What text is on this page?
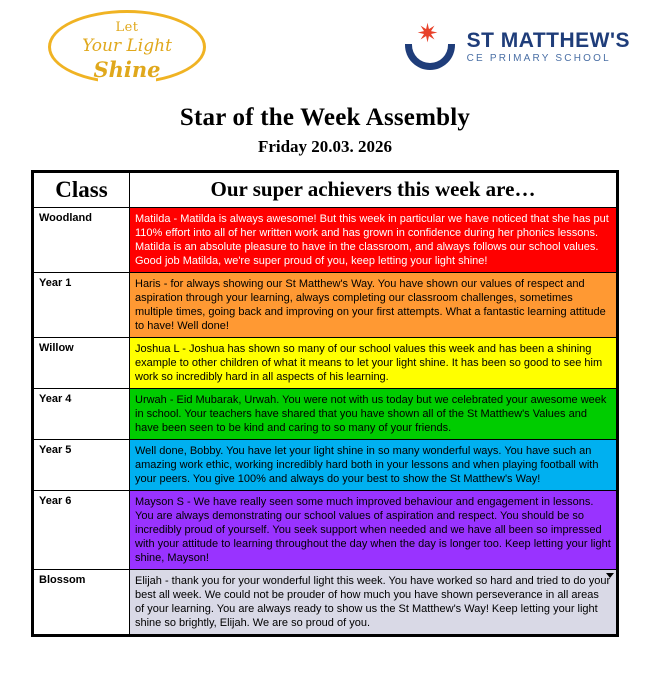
Let
Your Light
Shine
✷ ST MATTHEW'S
CE PRIMARY SCHOOL
Star of the Week Assembly
Friday 20.03. 2026
Class	Our super achievers this week are…
Woodland	Matilda - Matilda is always awesome! But this week in particular we have noticed that she has put 110% effort into all of her written work and has grown in confidence during her phonics lessons. Matilda is an absolute pleasure to have in the classroom, and always follows our school values. Good job Matilda, we're super proud of you, keep letting your light shine!
Year 1	Haris - for always showing our St Matthew's Way. You have shown our values of respect and aspiration through your learning, always completing our classroom challenges, sometimes multiple times, going back and improving on your first attempts. What a fantastic learning attitude to have! Well done!
Willow	Joshua L - Joshua has shown so many of our school values this week and has been a shining example to other children of what it means to let your light shine. It has been so good to see him work so incredibly hard in all aspects of his learning.
Year 4	Urwah - Eid Mubarak, Urwah. You were not with us today but we celebrated your awesome week in school. Your teachers have shared that you have shown all of the St Matthew's Values and have been seen to be kind and caring to so many of your friends.
Year 5	Well done, Bobby. You have let your light shine in so many wonderful ways. You have such an amazing work ethic, working incredibly hard both in your lessons and when playing football with your peers. You give 100% and always do your best to show the St Matthew's Way!
Year 6	Mayson S - We have really seen some much improved behaviour and engagement in lessons. You are always demonstrating our school values of aspiration and respect. You should be so incredibly proud of yourself. You seek support when needed and we have all been so impressed with your attitude to learning throughout the day when the day is longer too. Keep letting your light shine, Mayson!
Blossom	Elijah - thank you for your wonderful light this week. You have worked so hard and tried to do your best all week. We could not be prouder of how much you have shown perseverance in all areas of your learning. You are always ready to show us the St Matthew's Way! Keep letting your light shine so brightly, Elijah. We are so proud of you.
